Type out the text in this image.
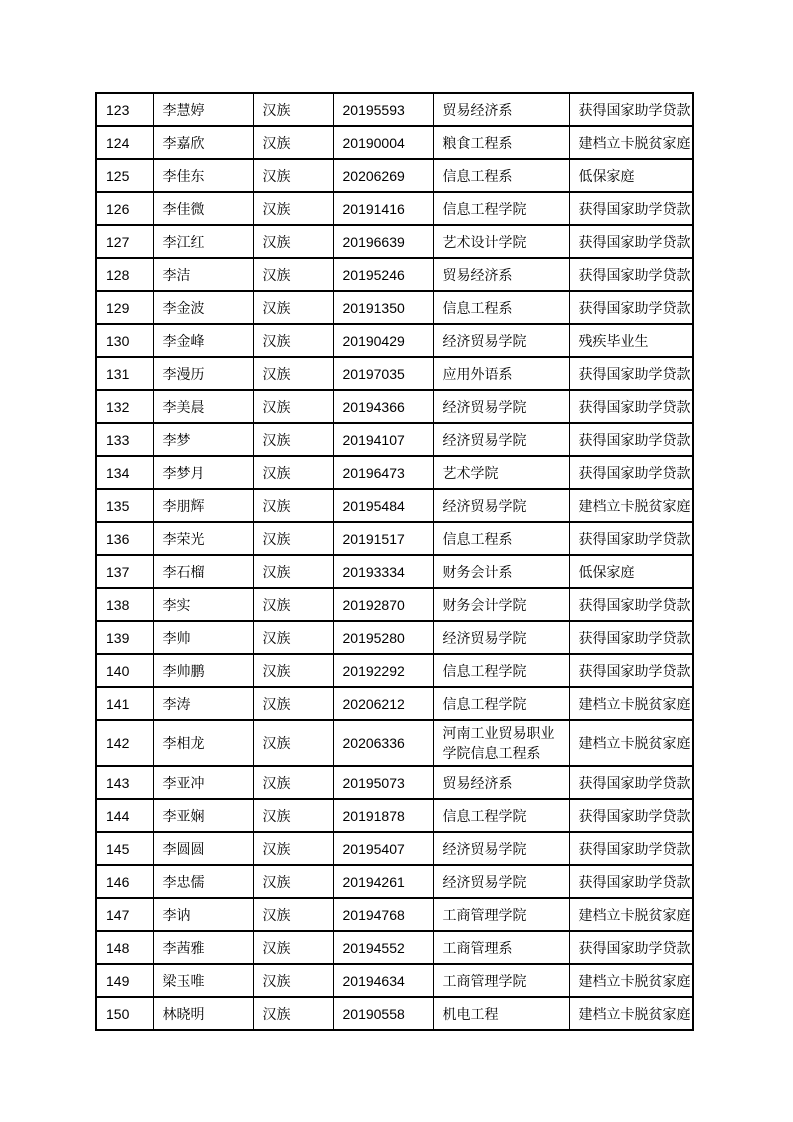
123	李慧婷	汉族	20195593	贸易经济系	获得国家助学贷款
124	李嘉欣	汉族	20190004	粮食工程系	建档立卡脱贫家庭
125	李佳东	汉族	20206269	信息工程系	低保家庭
126	李佳微	汉族	20191416	信息工程学院	获得国家助学贷款
127	李江红	汉族	20196639	艺术设计学院	获得国家助学贷款
128	李洁	汉族	20195246	贸易经济系	获得国家助学贷款
129	李金波	汉族	20191350	信息工程系	获得国家助学贷款
130	李金峰	汉族	20190429	经济贸易学院	残疾毕业生
131	李漫历	汉族	20197035	应用外语系	获得国家助学贷款
132	李美晨	汉族	20194366	经济贸易学院	获得国家助学贷款
133	李梦	汉族	20194107	经济贸易学院	获得国家助学贷款
134	李梦月	汉族	20196473	艺术学院	获得国家助学贷款
135	李朋辉	汉族	20195484	经济贸易学院	建档立卡脱贫家庭
136	李荣光	汉族	20191517	信息工程系	获得国家助学贷款
137	李石榴	汉族	20193334	财务会计系	低保家庭
138	李实	汉族	20192870	财务会计学院	获得国家助学贷款
139	李帅	汉族	20195280	经济贸易学院	获得国家助学贷款
140	李帅鹏	汉族	20192292	信息工程学院	获得国家助学贷款
141	李涛	汉族	20206212	信息工程学院	建档立卡脱贫家庭
142	李相龙	汉族	20206336	河南工业贸易职业学院信息工程系	建档立卡脱贫家庭
143	李亚冲	汉族	20195073	贸易经济系	获得国家助学贷款
144	李亚娴	汉族	20191878	信息工程学院	获得国家助学贷款
145	李圆圆	汉族	20195407	经济贸易学院	获得国家助学贷款
146	李忠儒	汉族	20194261	经济贸易学院	获得国家助学贷款
147	李讷	汉族	20194768	工商管理学院	建档立卡脱贫家庭
148	李茜雅	汉族	20194552	工商管理系	获得国家助学贷款
149	梁玉唯	汉族	20194634	工商管理学院	建档立卡脱贫家庭
150	林晓明	汉族	20190558	机电工程	建档立卡脱贫家庭
